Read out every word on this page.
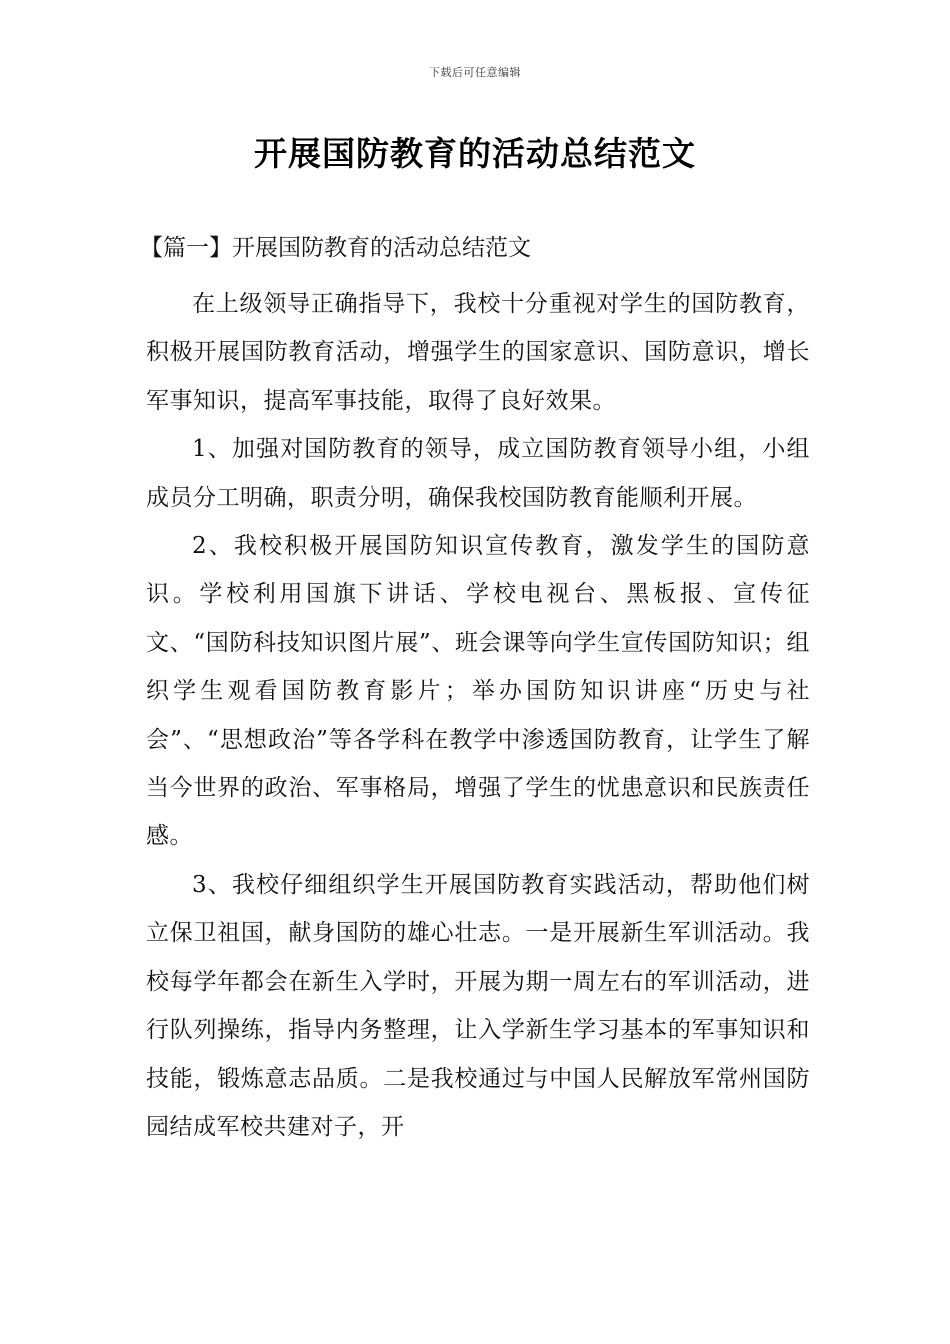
下载后可任意编辑
开展国防教育的活动总结范文
【篇一】开展国防教育的活动总结范文

在上级领导正确指导下，我校十分重视对学生的国防教育，积极开展国防教育活动，增强学生的国家意识、国防意识，增长军事知识，提高军事技能，取得了良好效果。

1、加强对国防教育的领导，成立国防教育领导小组，小组成员分工明确，职责分明，确保我校国防教育能顺利开展。

2、我校积极开展国防知识宣传教育，激发学生的国防意识。学校利用国旗下讲话、学校电视台、黑板报、宣传征文、“国防科技知识图片展”、班会课等向学生宣传国防知识；组织学生观看国防教育影片；举办国防知识讲座“历史与社会”、“思想政治”等各学科在教学中渗透国防教育，让学生了解当今世界的政治、军事格局，增强了学生的忧患意识和民族责任感。

3、我校仔细组织学生开展国防教育实践活动，帮助他们树立保卫祖国，献身国防的雄心壮志。一是开展新生军训活动。我校每学年都会在新生入学时，开展为期一周左右的军训活动，进行队列操练，指导内务整理，让入学新生学习基本的军事知识和技能，锻炼意志品质。二是我校通过与中国人民解放军常州国防园结成军校共建对子，开
